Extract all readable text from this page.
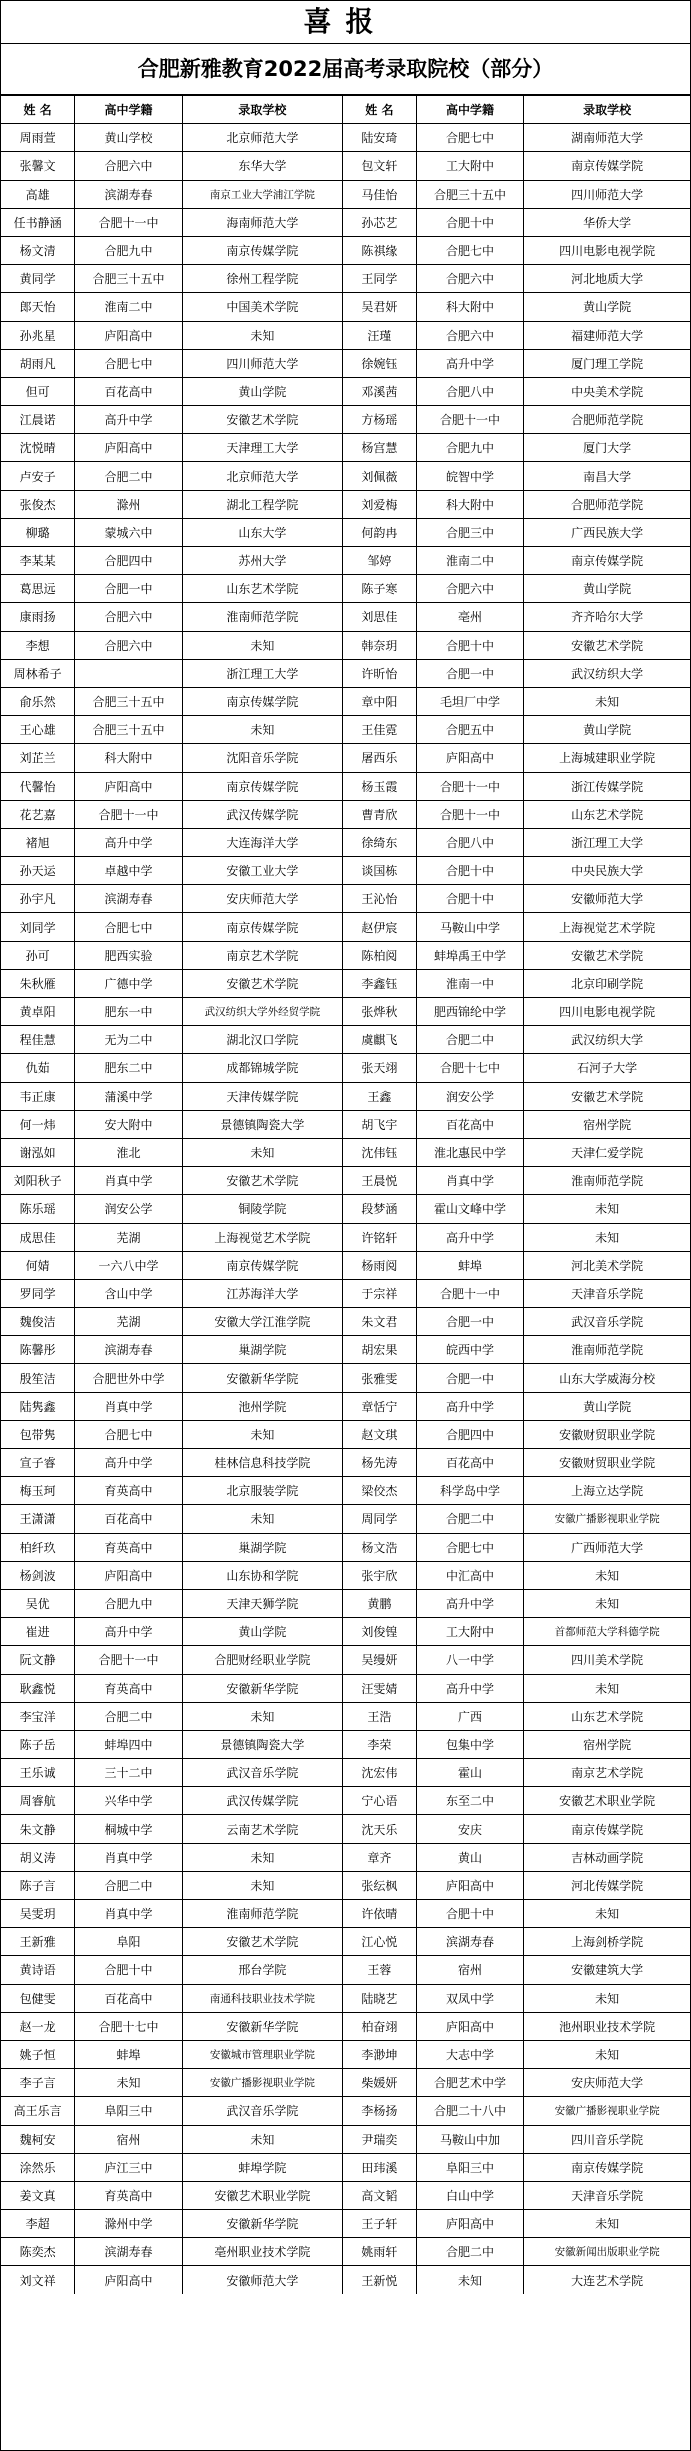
喜报
合肥新雅教育2022届高考录取院校（部分）
姓 名	高中学籍	录取学校	姓 名	高中学籍	录取学校
周雨萱	黄山学校	北京师范大学	陆安琦	合肥七中	湖南师范大学
张馨文	合肥六中	东华大学	包文轩	工大附中	南京传媒学院
高雄	滨湖寿春	南京工业大学浦江学院	马佳怡	合肥三十五中	四川师范大学
任书静涵	合肥十一中	海南师范大学	孙芯艺	合肥十中	华侨大学
杨文清	合肥九中	南京传媒学院	陈祺缘	合肥七中	四川电影电视学院
黄同学	合肥三十五中	徐州工程学院	王同学	合肥六中	河北地质大学
郎天怡	淮南二中	中国美术学院	吴君妍	科大附中	黄山学院
孙兆星	庐阳高中	未知	汪瑾	合肥六中	福建师范大学
胡雨凡	合肥七中	四川师范大学	徐婉钰	高升中学	厦门理工学院
但可	百花高中	黄山学院	邓溪茜	合肥八中	中央美术学院
江晨诺	高升中学	安徽艺术学院	方杨瑶	合肥十一中	合肥师范学院
沈悦晴	庐阳高中	天津理工大学	杨宫慧	合肥九中	厦门大学
卢安子	合肥二中	北京师范大学	刘佩薇	皖智中学	南昌大学
张俊杰	滁州	湖北工程学院	刘爱梅	科大附中	合肥师范学院
柳璐	蒙城六中	山东大学	何韵冉	合肥三中	广西民族大学
李某某	合肥四中	苏州大学	邹婷	淮南二中	南京传媒学院
葛思远	合肥一中	山东艺术学院	陈子寒	合肥六中	黄山学院
康雨扬	合肥六中	淮南师范学院	刘思佳	亳州	齐齐哈尔大学
李想	合肥六中	未知	韩奈玥	合肥十中	安徽艺术学院
周林希子		浙江理工大学	许昕怡	合肥一中	武汉纺织大学
俞乐然	合肥三十五中	南京传媒学院	章中阳	毛坦厂中学	未知
王心雄	合肥三十五中	未知	王佳霓	合肥五中	黄山学院
刘芷兰	科大附中	沈阳音乐学院	屠西乐	庐阳高中	上海城建职业学院
代馨怡	庐阳高中	南京传媒学院	杨玉霞	合肥十一中	浙江传媒学院
花艺嘉	合肥十一中	武汉传媒学院	曹青欣	合肥十一中	山东艺术学院
褚旭	高升中学	大连海洋大学	徐绮东	合肥八中	浙江理工大学
孙天运	卓越中学	安徽工业大学	谈国栋	合肥十中	中央民族大学
孙宇凡	滨湖寿春	安庆师范大学	王沁怡	合肥十中	安徽师范大学
刘同学	合肥七中	南京传媒学院	赵伊宸	马鞍山中学	上海视觉艺术学院
孙可	肥西实验	南京艺术学院	陈柏阅	蚌埠禹王中学	安徽艺术学院
朱秋雁	广德中学	安徽艺术学院	李鑫钰	淮南一中	北京印刷学院
黄卓阳	肥东一中	武汉纺织大学外经贸学院	张烨秋	肥西锦纶中学	四川电影电视学院
程佳慧	无为二中	湖北汉口学院	虞麒飞	合肥二中	武汉纺织大学
仇茹	肥东二中	成都锦城学院	张天翊	合肥十七中	石河子大学
韦正康	蒲溪中学	天津传媒学院	王鑫	润安公学	安徽艺术学院
何一炜	安大附中	景德镇陶瓷大学	胡飞宇	百花高中	宿州学院
谢泓如	淮北	未知	沈伟钰	淮北惠民中学	天津仁爱学院
刘阳秋子	肖真中学	安徽艺术学院	王晨悦	肖真中学	淮南师范学院
陈乐瑶	润安公学	铜陵学院	段梦涵	霍山文峰中学	未知
成思佳	芜湖	上海视觉艺术学院	许铭轩	高升中学	未知
何婧	一六八中学	南京传媒学院	杨雨阅	蚌埠	河北美术学院
罗同学	含山中学	江苏海洋大学	于宗祥	合肥十一中	天津音乐学院
魏俊洁	芜湖	安徽大学江淮学院	朱文君	合肥一中	武汉音乐学院
陈馨彤	滨湖寿春	巢湖学院	胡宏果	皖西中学	淮南师范学院
殷笙洁	合肥世外中学	安徽新华学院	张雅雯	合肥一中	山东大学威海分校
陆隽鑫	肖真中学	池州学院	章恬宁	高升中学	黄山学院
包带隽	合肥七中	未知	赵文琪	合肥四中	安徽财贸职业学院
宣子睿	高升中学	桂林信息科技学院	杨先涛	百花高中	安徽财贸职业学院
梅玉珂	育英高中	北京服装学院	梁佼杰	科学岛中学	上海立达学院
王潇潇	百花高中	未知	周同学	合肥二中	安徽广播影视职业学院
柏纤玖	育英高中	巢湖学院	杨文浩	合肥七中	广西师范大学
杨剑波	庐阳高中	山东协和学院	张宇欣	中汇高中	未知
吴优	合肥九中	天津天狮学院	黄鹏	高升中学	未知
崔进	高升中学	黄山学院	刘俊锽	工大附中	首都师范大学科德学院
阮文静	合肥十一中	合肥财经职业学院	吴缦妍	八一中学	四川美术学院
耿鑫悦	育英高中	安徽新华学院	汪雯婧	高升中学	未知
李宝洋	合肥二中	未知	王浩	广西	山东艺术学院
陈子岳	蚌埠四中	景德镇陶瓷大学	李荣	包集中学	宿州学院
王乐诚	三十二中	武汉音乐学院	沈宏伟	霍山	南京艺术学院
周睿航	兴华中学	武汉传媒学院	宁心语	东至二中	安徽艺术职业学院
朱文静	桐城中学	云南艺术学院	沈天乐	安庆	南京传媒学院
胡义涛	肖真中学	未知	章齐	黄山	吉林动画学院
陈子言	合肥二中	未知	张纭枫	庐阳高中	河北传媒学院
吴雯玥	肖真中学	淮南师范学院	许依晴	合肥十中	未知
王新雅	阜阳	安徽艺术学院	江心悦	滨湖寿春	上海剑桥学院
黄诗语	合肥十中	邢台学院	王蓉	宿州	安徽建筑大学
包健雯	百花高中	南通科技职业技术学院	陆晓艺	双凤中学	未知
赵一龙	合肥十七中	安徽新华学院	柏奋翊	庐阳高中	池州职业技术学院
姚子恒	蚌埠	安徽城市管理职业学院	李渺坤	大志中学	未知
李子言	未知	安徽广播影视职业学院	柴媛妍	合肥艺术中学	安庆师范大学
高王乐言	阜阳三中	武汉音乐学院	李杨扬	合肥二十八中	安徽广播影视职业学院
魏柯安	宿州	未知	尹瑞奕	马鞍山中加	四川音乐学院
涂然乐	庐江三中	蚌埠学院	田玮溪	阜阳三中	南京传媒学院
姜文真	育英高中	安徽艺术职业学院	高文韬	白山中学	天津音乐学院
李超	滁州中学	安徽新华学院	王子轩	庐阳高中	未知
陈奕杰	滨湖寿春	亳州职业技术学院	姚雨轩	合肥二中	安徽新闻出版职业学院
刘文祥	庐阳高中	安徽师范大学	王新悦	未知	大连艺术学院
